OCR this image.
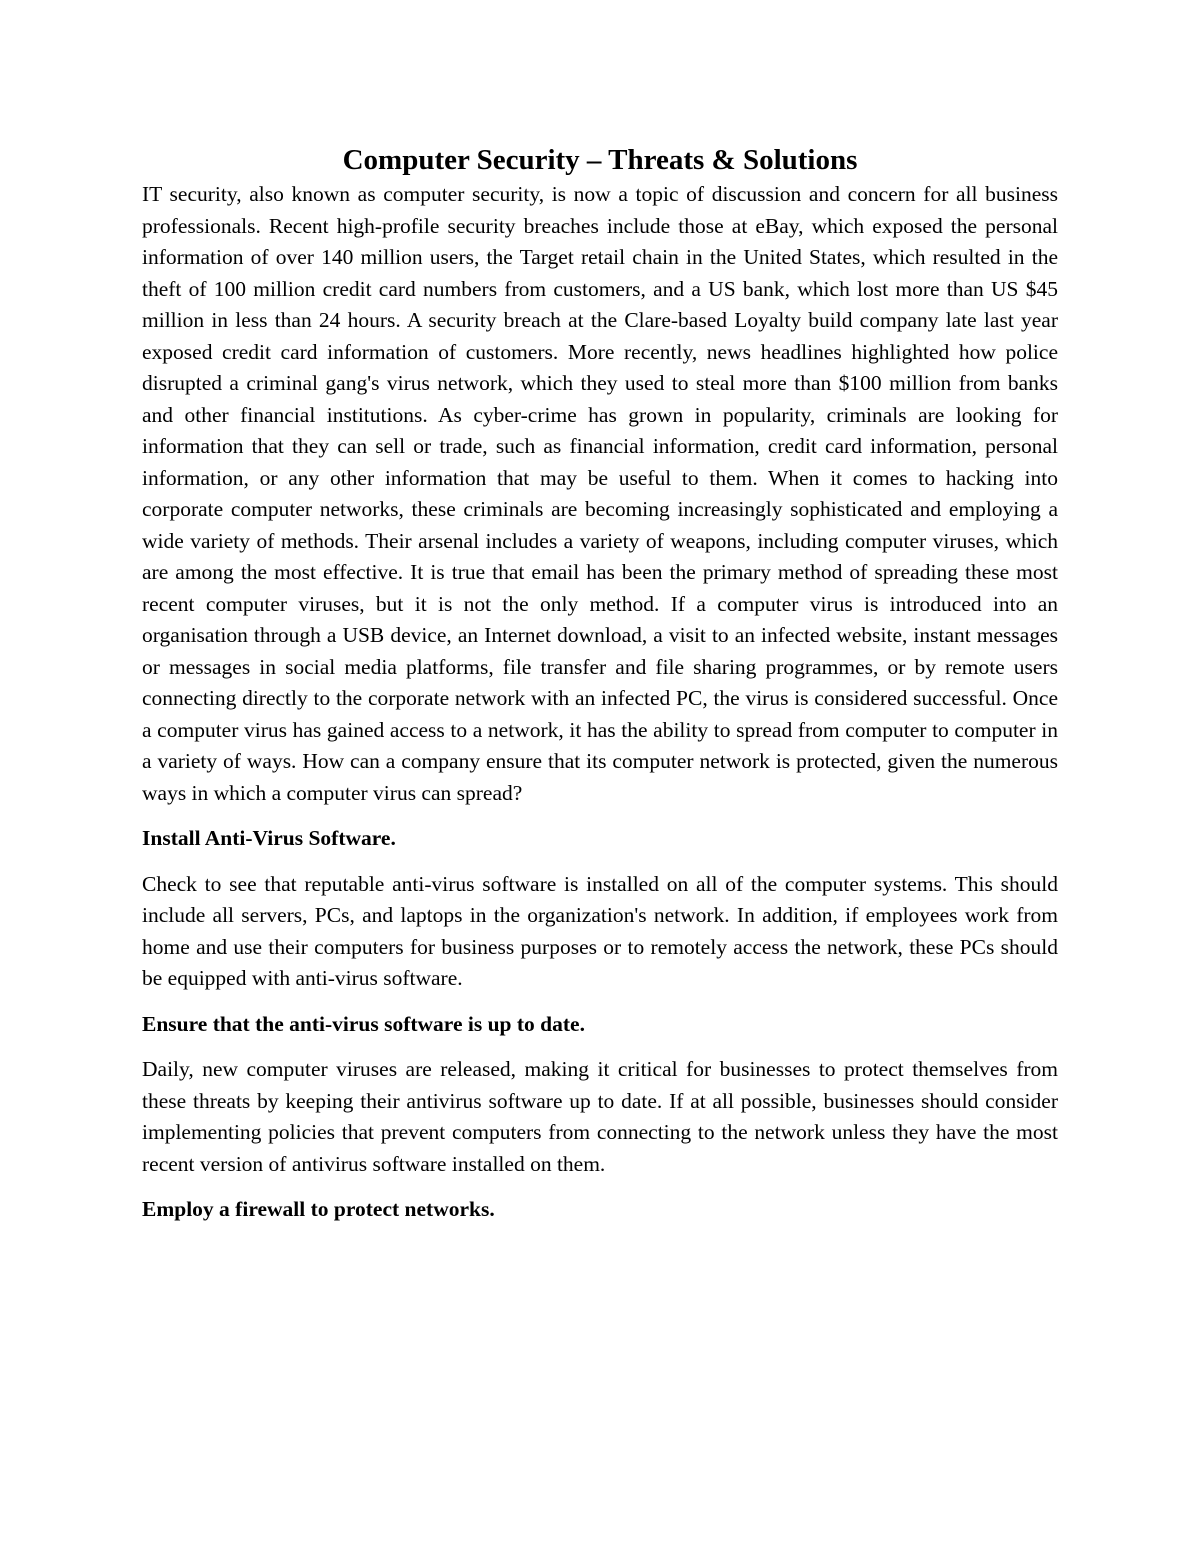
Computer Security – Threats & Solutions

IT security, also known as computer security, is now a topic of discussion and concern for all business professionals. Recent high-profile security breaches include those at eBay, which exposed the personal information of over 140 million users, the Target retail chain in the United States, which resulted in the theft of 100 million credit card numbers from customers, and a US bank, which lost more than US $45 million in less than 24 hours. A security breach at the Clare-based Loyalty build company late last year exposed credit card information of customers. More recently, news headlines highlighted how police disrupted a criminal gang's virus network, which they used to steal more than $100 million from banks and other financial institutions. As cyber-crime has grown in popularity, criminals are looking for information that they can sell or trade, such as financial information, credit card information, personal information, or any other information that may be useful to them. When it comes to hacking into corporate computer networks, these criminals are becoming increasingly sophisticated and employing a wide variety of methods. Their arsenal includes a variety of weapons, including computer viruses, which are among the most effective. It is true that email has been the primary method of spreading these most recent computer viruses, but it is not the only method. If a computer virus is introduced into an organisation through a USB device, an Internet download, a visit to an infected website, instant messages or messages in social media platforms, file transfer and file sharing programmes, or by remote users connecting directly to the corporate network with an infected PC, the virus is considered successful. Once a computer virus has gained access to a network, it has the ability to spread from computer to computer in a variety of ways. How can a company ensure that its computer network is protected, given the numerous ways in which a computer virus can spread?

Install Anti-Virus Software.

Check to see that reputable anti-virus software is installed on all of the computer systems. This should include all servers, PCs, and laptops in the organization's network. In addition, if employees work from home and use their computers for business purposes or to remotely access the network, these PCs should be equipped with anti-virus software.

Ensure that the anti-virus software is up to date.

Daily, new computer viruses are released, making it critical for businesses to protect themselves from these threats by keeping their antivirus software up to date. If at all possible, businesses should consider implementing policies that prevent computers from connecting to the network unless they have the most recent version of antivirus software installed on them.

Employ a firewall to protect networks.
